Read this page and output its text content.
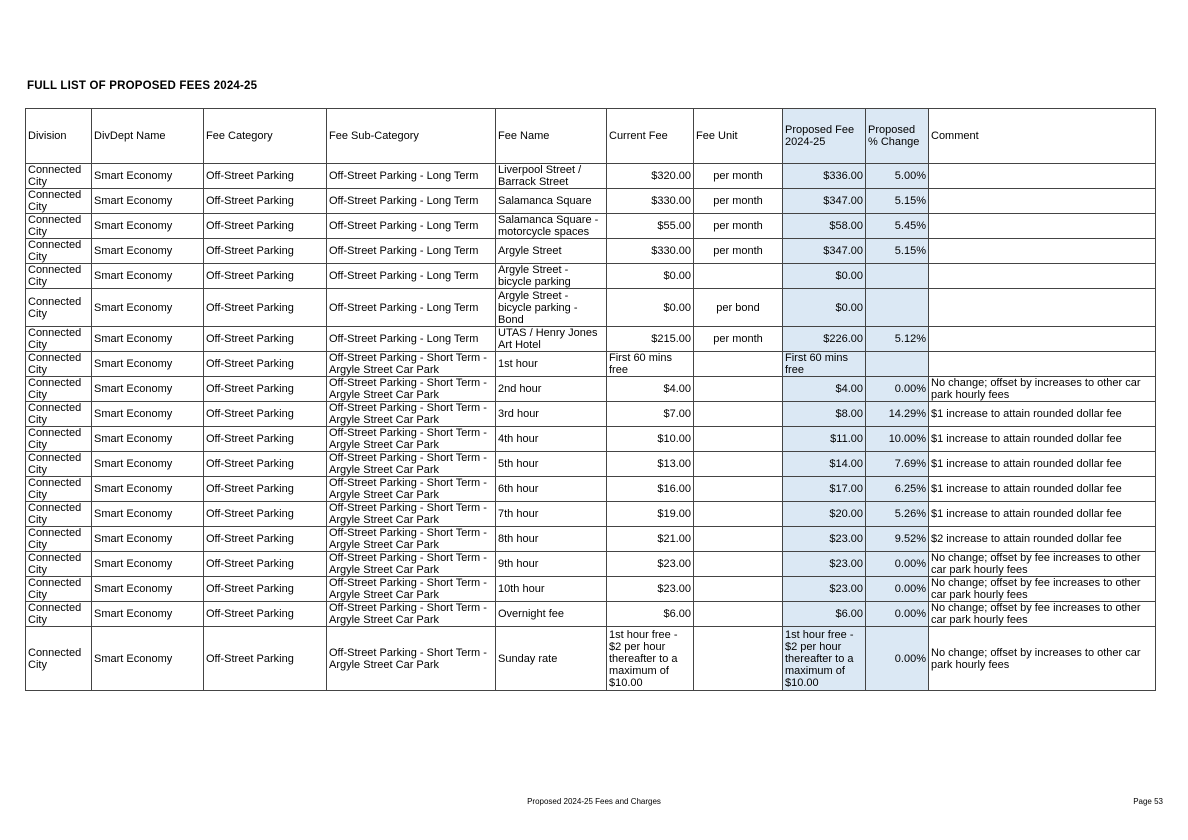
FULL LIST OF PROPOSED FEES 2024-25
Division	DivDept Name	Fee Category	Fee Sub-Category	Fee Name	Current Fee	Fee Unit	Proposed Fee 2024-25	Proposed % Change	Comment
Connected City	Smart Economy	Off-Street Parking	Off-Street Parking - Long Term	Liverpool Street / Barrack Street	$320.00	per month	$336.00	5.00%	
Connected City	Smart Economy	Off-Street Parking	Off-Street Parking - Long Term	Salamanca Square	$330.00	per month	$347.00	5.15%	
Connected City	Smart Economy	Off-Street Parking	Off-Street Parking - Long Term	Salamanca Square - motorcycle spaces	$55.00	per month	$58.00	5.45%	
Connected City	Smart Economy	Off-Street Parking	Off-Street Parking - Long Term	Argyle Street	$330.00	per month	$347.00	5.15%	
Connected City	Smart Economy	Off-Street Parking	Off-Street Parking - Long Term	Argyle Street - bicycle parking	$0.00		$0.00		
Connected City	Smart Economy	Off-Street Parking	Off-Street Parking - Long Term	Argyle Street - bicycle parking - Bond	$0.00	per bond	$0.00		
Connected City	Smart Economy	Off-Street Parking	Off-Street Parking - Long Term	UTAS / Henry Jones Art Hotel	$215.00	per month	$226.00	5.12%	
Connected City	Smart Economy	Off-Street Parking	Off-Street Parking - Short Term - Argyle Street Car Park	1st hour	First 60 mins free		First 60 mins free		
Connected City	Smart Economy	Off-Street Parking	Off-Street Parking - Short Term - Argyle Street Car Park	2nd hour	$4.00		$4.00	0.00%	No change; offset by increases to other car park hourly fees
Connected City	Smart Economy	Off-Street Parking	Off-Street Parking - Short Term - Argyle Street Car Park	3rd hour	$7.00		$8.00	14.29%	$1 increase to attain rounded dollar fee
Connected City	Smart Economy	Off-Street Parking	Off-Street Parking - Short Term - Argyle Street Car Park	4th hour	$10.00		$11.00	10.00%	$1 increase to attain rounded dollar fee
Connected City	Smart Economy	Off-Street Parking	Off-Street Parking - Short Term - Argyle Street Car Park	5th hour	$13.00		$14.00	7.69%	$1 increase to attain rounded dollar fee
Connected City	Smart Economy	Off-Street Parking	Off-Street Parking - Short Term - Argyle Street Car Park	6th hour	$16.00		$17.00	6.25%	$1 increase to attain rounded dollar fee
Connected City	Smart Economy	Off-Street Parking	Off-Street Parking - Short Term - Argyle Street Car Park	7th hour	$19.00		$20.00	5.26%	$1 increase to attain rounded dollar fee
Connected City	Smart Economy	Off-Street Parking	Off-Street Parking - Short Term - Argyle Street Car Park	8th hour	$21.00		$23.00	9.52%	$2 increase to attain rounded dollar fee
Connected City	Smart Economy	Off-Street Parking	Off-Street Parking - Short Term - Argyle Street Car Park	9th hour	$23.00		$23.00	0.00%	No change; offset by fee increases to other car park hourly fees
Connected City	Smart Economy	Off-Street Parking	Off-Street Parking - Short Term - Argyle Street Car Park	10th hour	$23.00		$23.00	0.00%	No change; offset by fee increases to other car park hourly fees
Connected City	Smart Economy	Off-Street Parking	Off-Street Parking - Short Term - Argyle Street Car Park	Overnight fee	$6.00		$6.00	0.00%	No change; offset by fee increases to other car park hourly fees
Connected City	Smart Economy	Off-Street Parking	Off-Street Parking - Short Term - Argyle Street Car Park	Sunday rate	1st hour free - $2 per hour thereafter to a maximum of $10.00		1st hour free - $2 per hour thereafter to a maximum of $10.00	0.00%	No change; offset by increases to other car park hourly fees
Proposed 2024-25 Fees and Charges	Page 53
